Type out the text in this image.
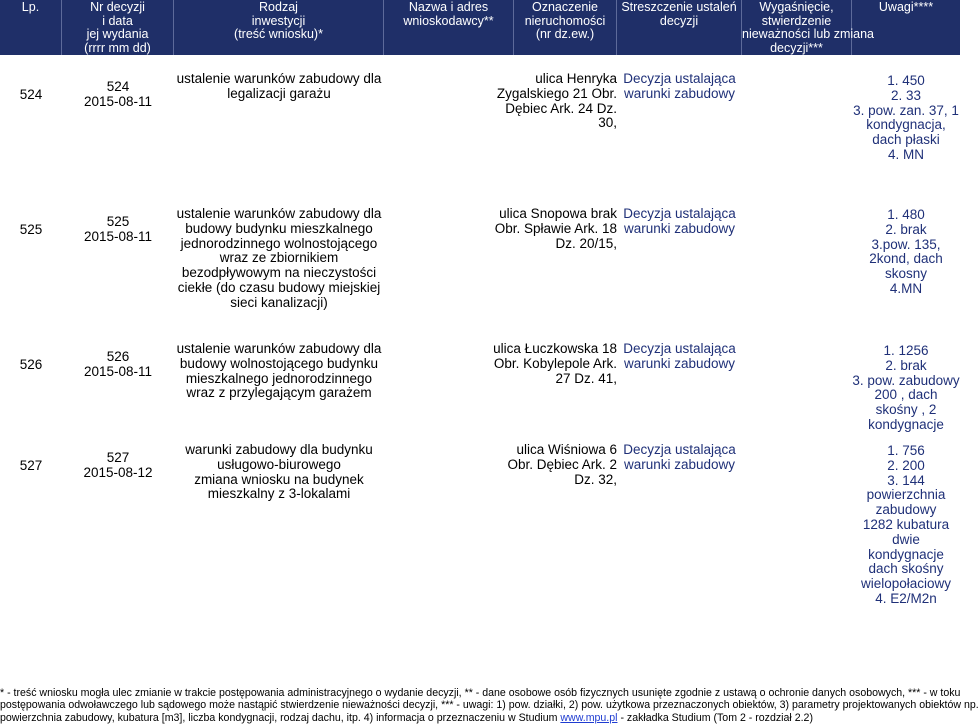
Lp.	Nr decyzji
i data
jej wydania
(rrrr mm dd)
Rodzaj
inwestycji
(treść wniosku)*
Nazwa i adres
wnioskodawcy**
Oznaczenie
nieruchomości
(nr dz.ew.)
Streszczenie ustaleń
decyzji
Wygaśnięcie,
stwierdzenie
nieważności lub zmiana
decyzji***
Uwagi****
524
524
2015-08-11
ustalenie warunków zabudowy dla
legalizacji garażu
ulica Henryka
Zygalskiego 21 Obr.
Dębiec Ark. 24 Dz.
30,
Decyzja ustalająca
warunki zabudowy
1. 450
2. 33
3. pow. zan. 37, 1
kondygnacja,
dach płaski
4. MN
525
525
2015-08-11
ustalenie warunków zabudowy dla
budowy budynku mieszkalnego
jednorodzinnego wolnostojącego
wraz ze zbiornikiem
bezodpływowym na nieczystości
ciekłe (do czasu budowy miejskiej
sieci kanalizacji)
ulica Snopowa brak
Obr. Spławie Ark. 18
Dz. 20/15,
Decyzja ustalająca
warunki zabudowy
1. 480
2. brak
3.pow. 135,
2kond, dach
skosny
4.MN
526
526
2015-08-11
ustalenie warunków zabudowy dla
budowy wolnostojącego budynku
mieszkalnego jednorodzinnego
wraz z przylegającym garażem
ulica Łuczkowska 18
Obr. Kobylepole Ark.
27 Dz. 41,
Decyzja ustalająca
warunki zabudowy
1. 1256
2. brak
3. pow. zabudowy
200 , dach
skośny , 2
kondygnacje
527
527
2015-08-12
warunki zabudowy dla budynku
usługowo-biurowego
zmiana wniosku na budynek
mieszkalny z 3-lokalami
ulica Wiśniowa 6
Obr. Dębiec Ark. 2
Dz. 32,
Decyzja ustalająca
warunki zabudowy
1. 756
2. 200
3. 144
powierzchnia
zabudowy
1282 kubatura
dwie
kondygnacje
dach skośny
wielopołaciowy
4. E2/M2n
* - treść wniosku mogła ulec zmianie w trakcie postępowania administracyjnego o wydanie decyzji, ** - dane osobowe osób fizycznych usunięte zgodnie z ustawą o ochronie danych osobowych, *** - w toku
postępowania odwoławczego lub sądowego może nastąpić stwierdzenie nieważności decyzji, *** - uwagi: 1) pow. działki, 2) pow. użytkowa przeznaczonych obiektów, 3) parametry projektowanych obiektów np.
powierzchnia zabudowy, kubatura [m3], liczba kondygnacji, rodzaj dachu, itp. 4) informacja o przeznaczeniu w Studium www.mpu.pl - zakładka Studium (Tom 2 - rozdział 2.2)
